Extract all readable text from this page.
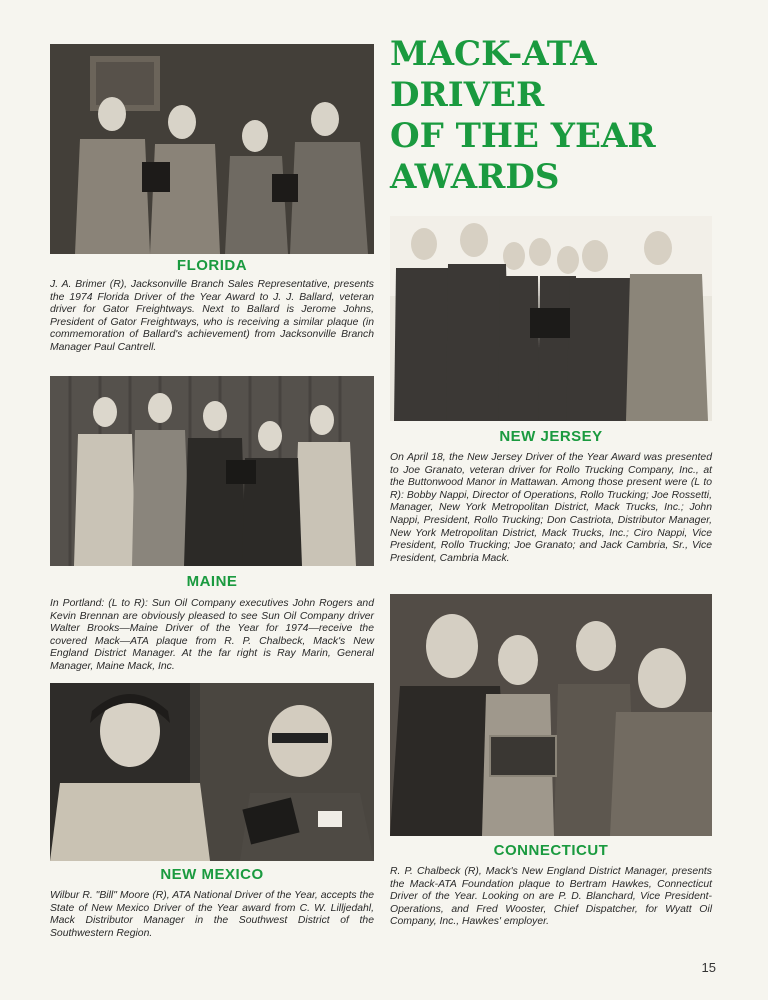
MACK-ATA
DRIVER
OF THE YEAR
AWARDS
FLORIDA

J. A. Brimer (R), Jacksonville Branch Sales Representative, presents the 1974 Florida Driver of the Year Award to J. J. Ballard, veteran driver for Gator Freightways. Next to Ballard is Jerome Johns, President of Gator Freightways, who is receiving a similar plaque (in commemoration of Ballard's achievement) from Jacksonville Branch Manager Paul Cantrell.

MAINE

In Portland: (L to R): Sun Oil Company executives John Rogers and Kevin Brennan are obviously pleased to see Sun Oil Company driver Walter Brooks—Maine Driver of the Year for 1974—receive the covered Mack—ATA plaque from R. P. Chalbeck, Mack's New England District Manager. At the far right is Ray Marin, General Manager, Maine Mack, Inc.

NEW MEXICO

Wilbur R. "Bill" Moore (R), ATA National Driver of the Year, accepts the State of New Mexico Driver of the Year award from C. W. Lilljedahl, Mack Distributor Manager in the Southwest District of the Southwestern Region.

NEW JERSEY

On April 18, the New Jersey Driver of the Year Award was presented to Joe Granato, veteran driver for Rollo Trucking Company, Inc., at the Buttonwood Manor in Mattawan. Among those present were (L to R): Bobby Nappi, Director of Operations, Rollo Trucking; Joe Rossetti, Manager, New York Metropolitan District, Mack Trucks, Inc.; John Nappi, President, Rollo Trucking; Don Castriota, Distributor Manager, New York Metropolitan District, Mack Trucks, Inc.; Ciro Nappi, Vice President, Rollo Trucking; Joe Granato; and Jack Cambria, Sr., Vice President, Cambria Mack.

CONNECTICUT

R. P. Chalbeck (R), Mack's New England District Manager, presents the Mack-ATA Foundation plaque to Bertram Hawkes, Connecticut Driver of the Year. Looking on are P. D. Blanchard, Vice President-Operations, and Fred Wooster, Chief Dispatcher, for Wyatt Oil Company, Inc., Hawkes' employer.

15
